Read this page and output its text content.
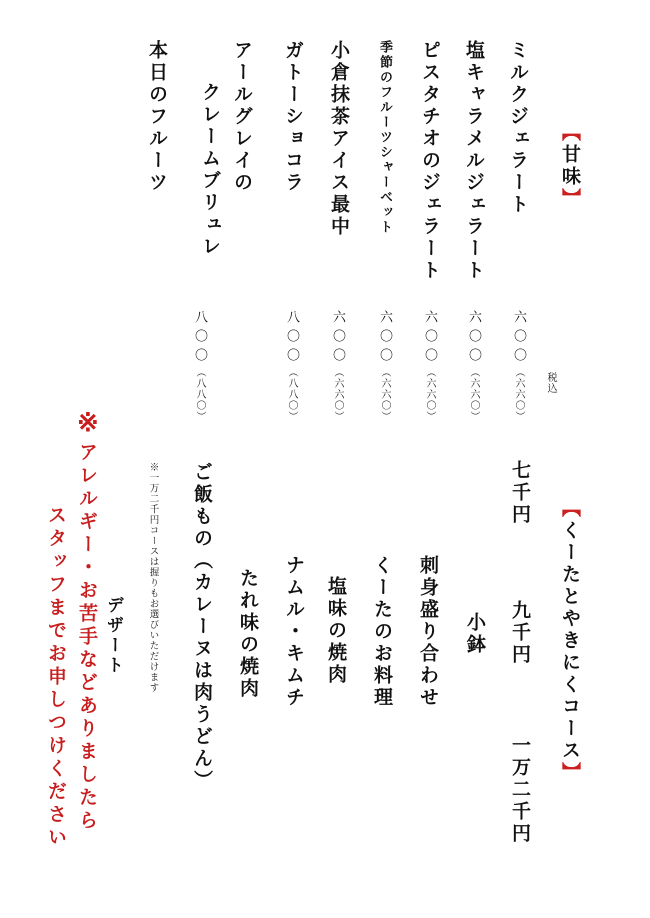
【甘味】
ミルクジェラート
塩キャラメルジェラート
ピスタチオのジェラート
季節のフルーツシャーベット
小倉抹茶アイス最中
ガトーショコラ
アールグレイの
クレームブリュレ
本日のフルーツ
六〇〇（六六〇）
六〇〇（六六〇）
六〇〇（六六〇）
六〇〇（六六〇）
六〇〇（六六〇）
八〇〇（八八〇）
八〇〇（八八〇）	税込
【くーたとやきにくコース】
七千円
九千円
一万二千円
小鉢
刺身盛り合わせ
くーたのお料理
塩味の焼肉
ナムル・キムチ
たれ味の焼肉
ご飯もの（カレーヌは肉うどん）
※一万二千円コースは握りもお選びいただけます
デザート
※
アレルギー・お苦手などありましたら
スタッフまでお申しつけください
